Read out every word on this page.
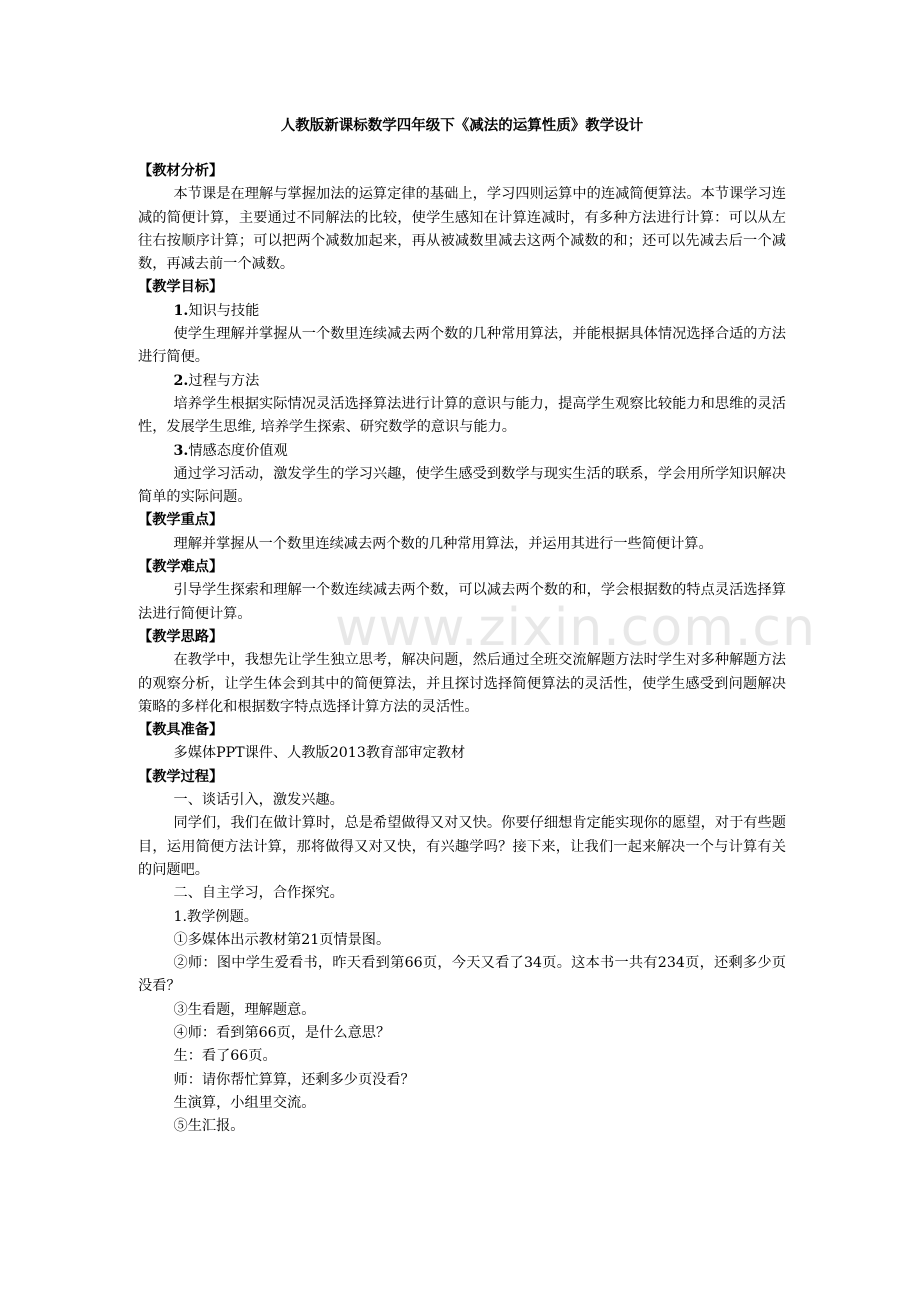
人教版新课标数学四年级下《减法的运算性质》教学设计
【教材分析】
本节课是在理解与掌握加法的运算定律的基础上，学习四则运算中的连减简便算法。本节课学习连减的简便计算，主要通过不同解法的比较，使学生感知在计算连减时，有多种方法进行计算：可以从左往右按顺序计算；可以把两个减数加起来，再从被减数里减去这两个减数的和；还可以先减去后一个减数，再减去前一个减数。
【教学目标】
1.知识与技能
使学生理解并掌握从一个数里连续减去两个数的几种常用算法，并能根据具体情况选择合适的方法进行简便。
2.过程与方法
培养学生根据实际情况灵活选择算法进行计算的意识与能力，提高学生观察比较能力和思维的灵活性，发展学生思维, 培养学生探索、研究数学的意识与能力。
3.情感态度价值观
通过学习活动，激发学生的学习兴趣，使学生感受到数学与现实生活的联系，学会用所学知识解决简单的实际问题。
【教学重点】
理解并掌握从一个数里连续减去两个数的几种常用算法，并运用其进行一些简便计算。
【教学难点】
引导学生探索和理解一个数连续减去两个数，可以减去两个数的和，学会根据数的特点灵活选择算法进行简便计算。
【教学思路】
在教学中，我想先让学生独立思考，解决问题，然后通过全班交流解题方法时学生对多种解题方法的观察分析，让学生体会到其中的简便算法，并且探讨选择简便算法的灵活性，使学生感受到问题解决策略的多样化和根据数字特点选择计算方法的灵活性。
【教具准备】
多媒体PPT课件、人教版2013教育部审定教材
【教学过程】
一、谈话引入，激发兴趣。
同学们，我们在做计算时，总是希望做得又对又快。你要仔细想肯定能实现你的愿望，对于有些题目，运用简便方法计算，那将做得又对又快，有兴趣学吗？接下来，让我们一起来解决一个与计算有关的问题吧。
二、自主学习，合作探究。
1.教学例题。
①多媒体出示教材第21页情景图。
②师：图中学生爱看书，昨天看到第66页，今天又看了34页。这本书一共有234页，还剩多少页没看？
③生看题，理解题意。
④师：看到第66页，是什么意思？
生：看了66页。
师：请你帮忙算算，还剩多少页没看？
生演算，小组里交流。
⑤生汇报。
www.zixin.com.cn
